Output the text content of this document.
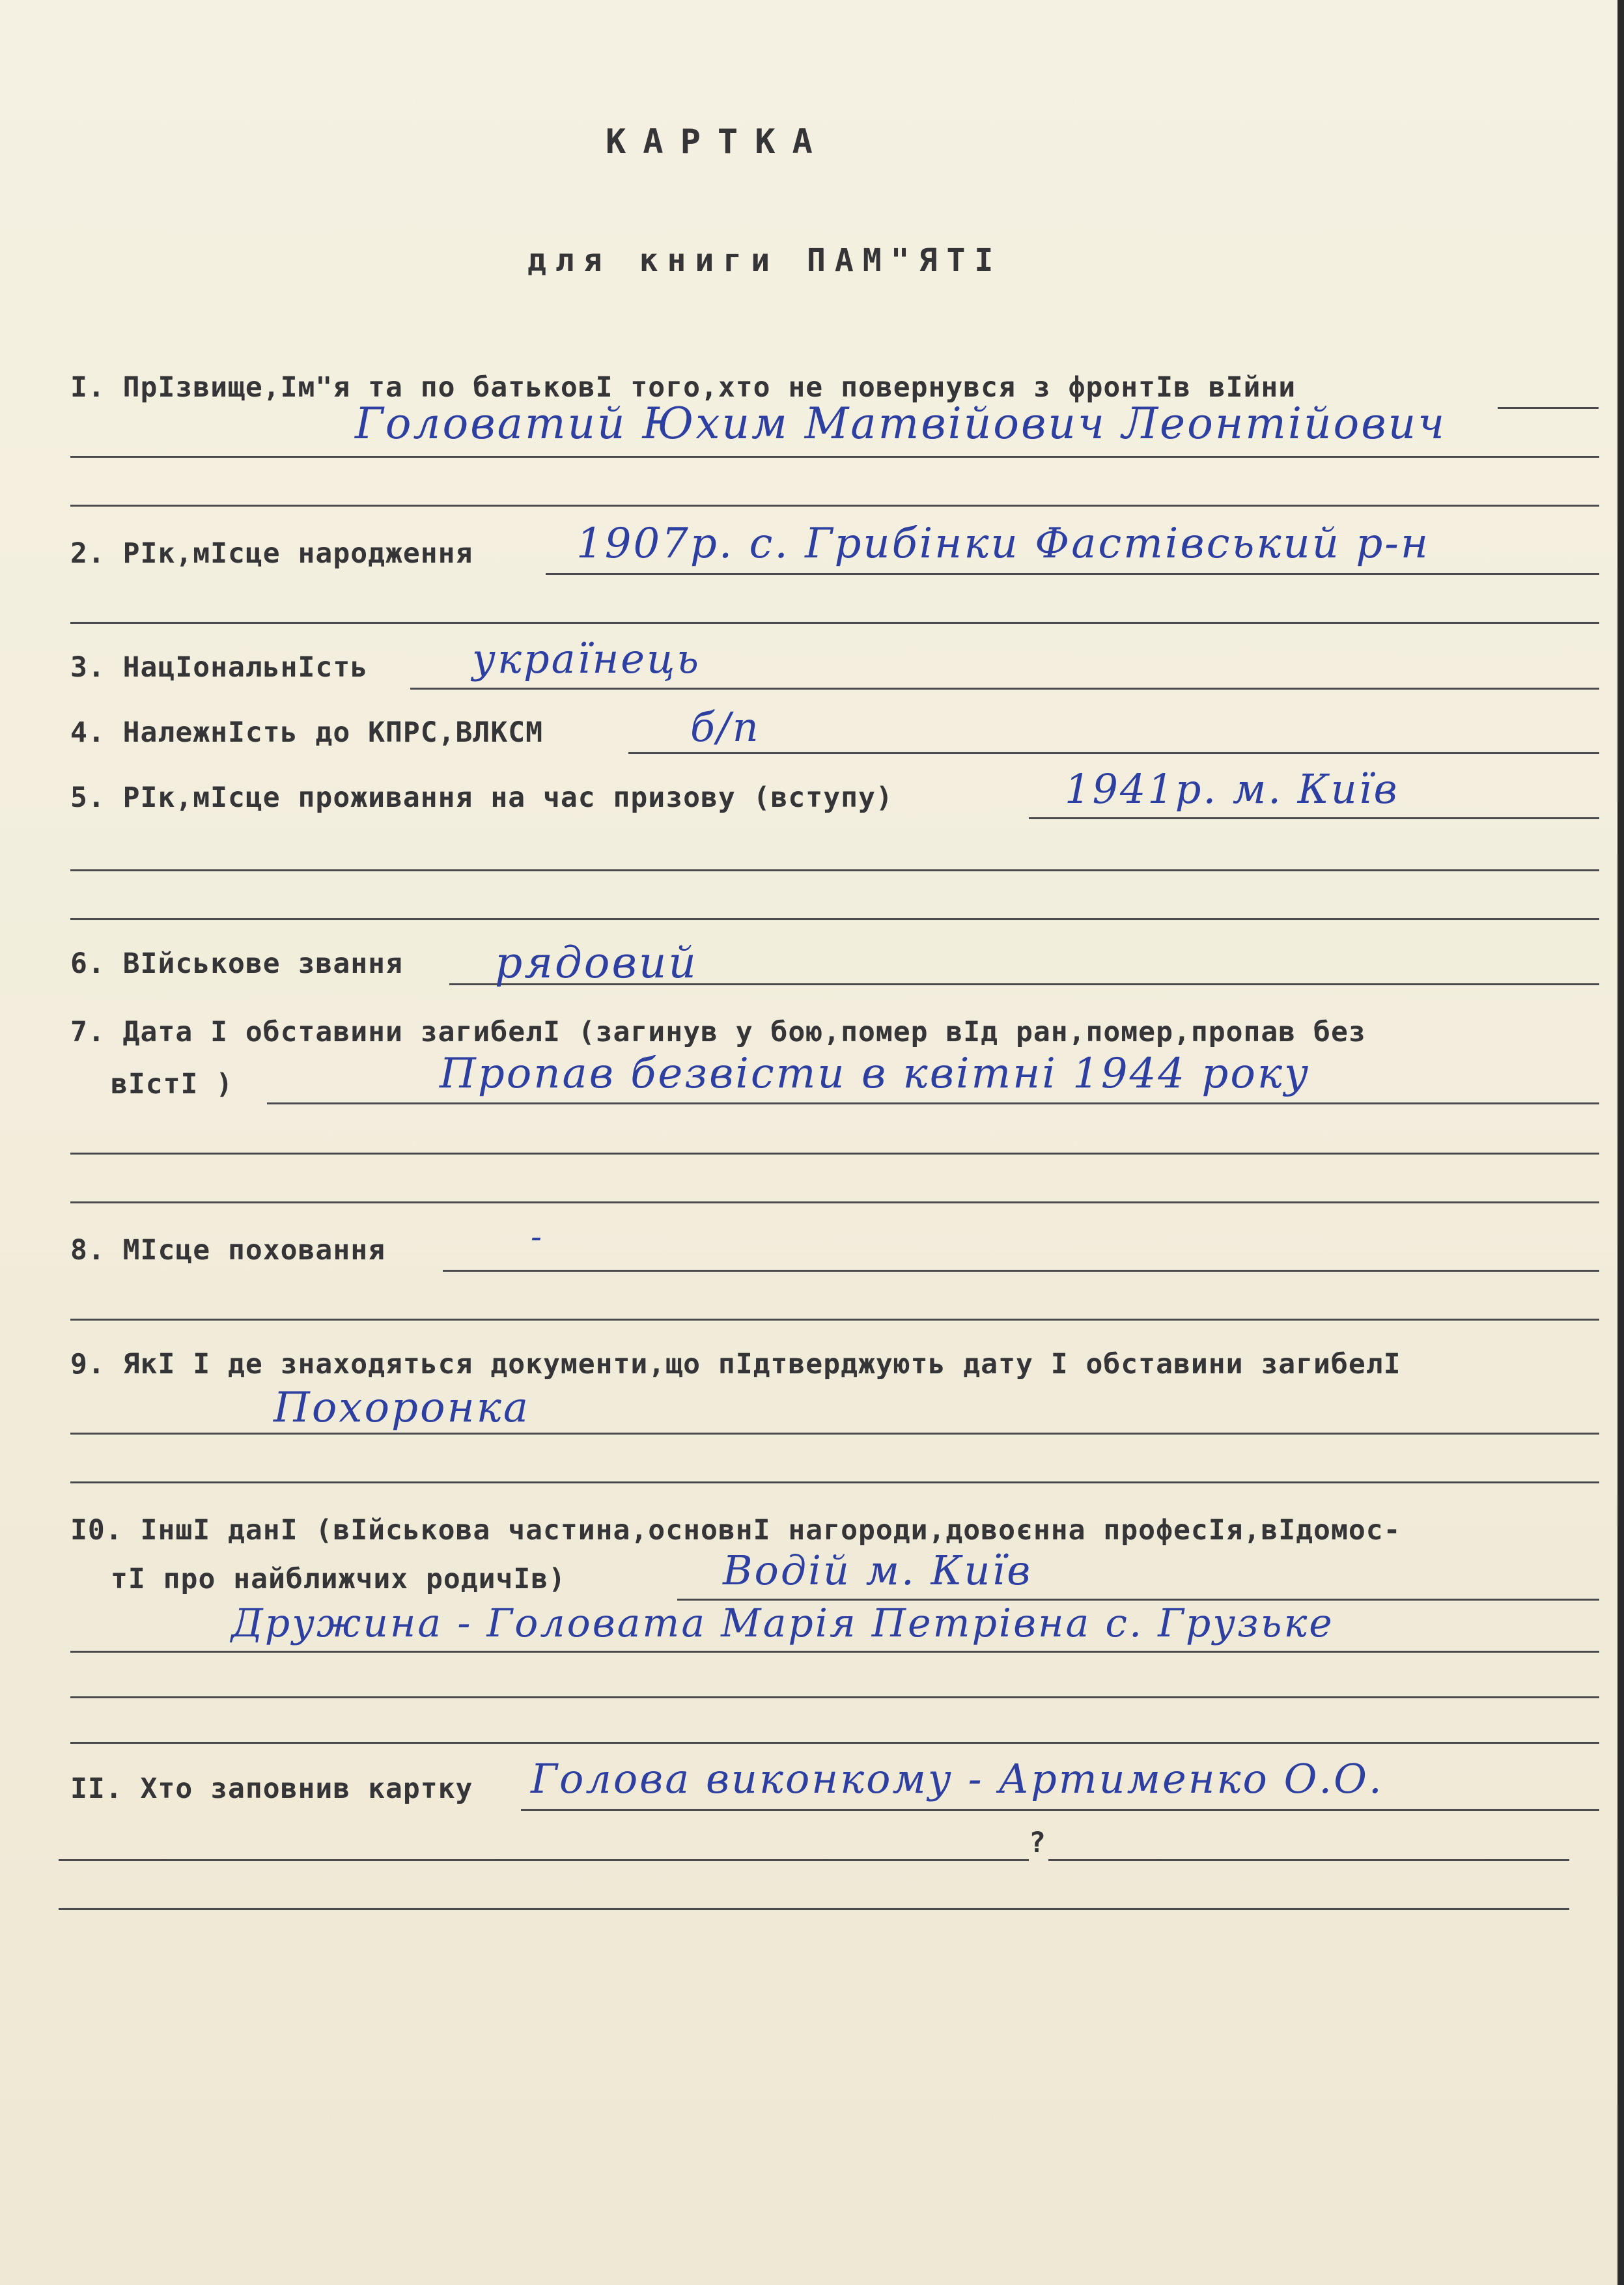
КАРТКА
для книги ПАМ"ЯТІ
І. ПрІзвище,Ім"я та по батьковІ того,хто не повернувся з фронтІв вІйни
Головатий Юхим Матвійович Леонтійович
2. РІк,мІсце народження 1907р. с. Грибінки Фастівський р-н
3. НацІональнІсть	українець
4. НалежнІсть до КПРС,ВЛКСМ	б/п
5. РІк,мІсце проживання на час призову (вступу)	1941р. м. Київ
6. ВІйськове звання рядовий
7. Дата І обставини загибелІ (загинув у бою,помер вІд ран,помер,пропав без
вІстІ )	Пропав безвісти в квітні 1944 року
8. МІсце поховання	-
9. ЯкІ І де знаходяться документи,що пІдтверджують дату І обставини загибелІ
Похоронка
І0. ІншІ данІ (вІйськова частина,основнІ нагороди,довоєнна професІя,вІдомос-
тІ про найближчих родичІв)	Водій м. Київ
Дружина - Головата Марія Петрівна с. Грузьке
ІІ. Хто заповнив картку Голова виконкому - Артименко О.О.
?
